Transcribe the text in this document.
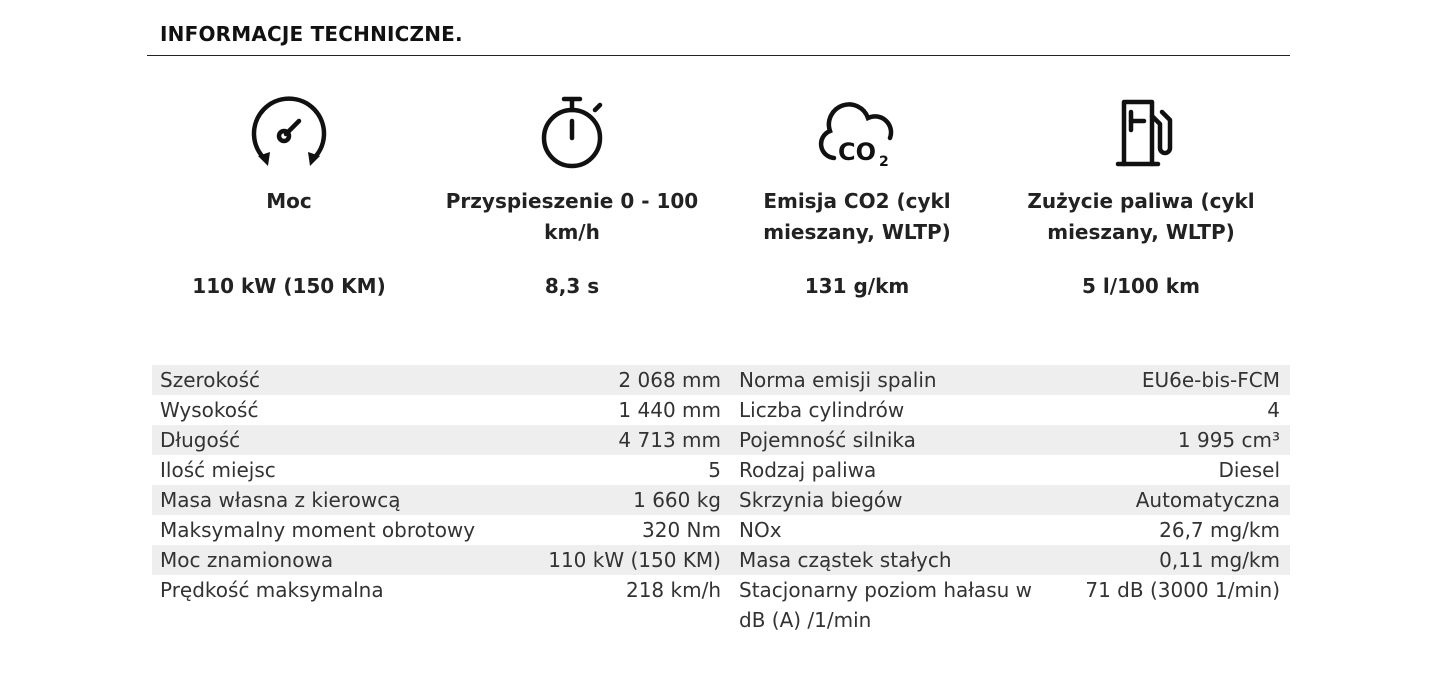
INFORMACJE TECHNICZNE.
Moc
110 kW (150 KM)
Przyspieszenie 0 - 100 km/h
8,3 s
CO 2
Emisja CO2 (cykl mieszany, WLTP)
131 g/km
Zużycie paliwa (cykl mieszany, WLTP)
5 l/100 km
Szerokość	2 068 mm	Norma emisji spalin	EU6e-bis-FCM
Wysokość	1 440 mm	Liczba cylindrów	4
Długość	4 713 mm	Pojemność silnika	1 995 cm³
Ilość miejsc	5	Rodzaj paliwa	Diesel
Masa własna z kierowcą	1 660 kg	Skrzynia biegów	Automatyczna
Maksymalny moment obrotowy	320 Nm	NOx	26,7 mg/km
Moc znamionowa	110 kW (150 KM)	Masa cząstek stałych	0,11 mg/km
Prędkość maksymalna	218 km/h	Stacjonarny poziom hałasu w dB (A) /1/min	71 dB (3000 1/min)
